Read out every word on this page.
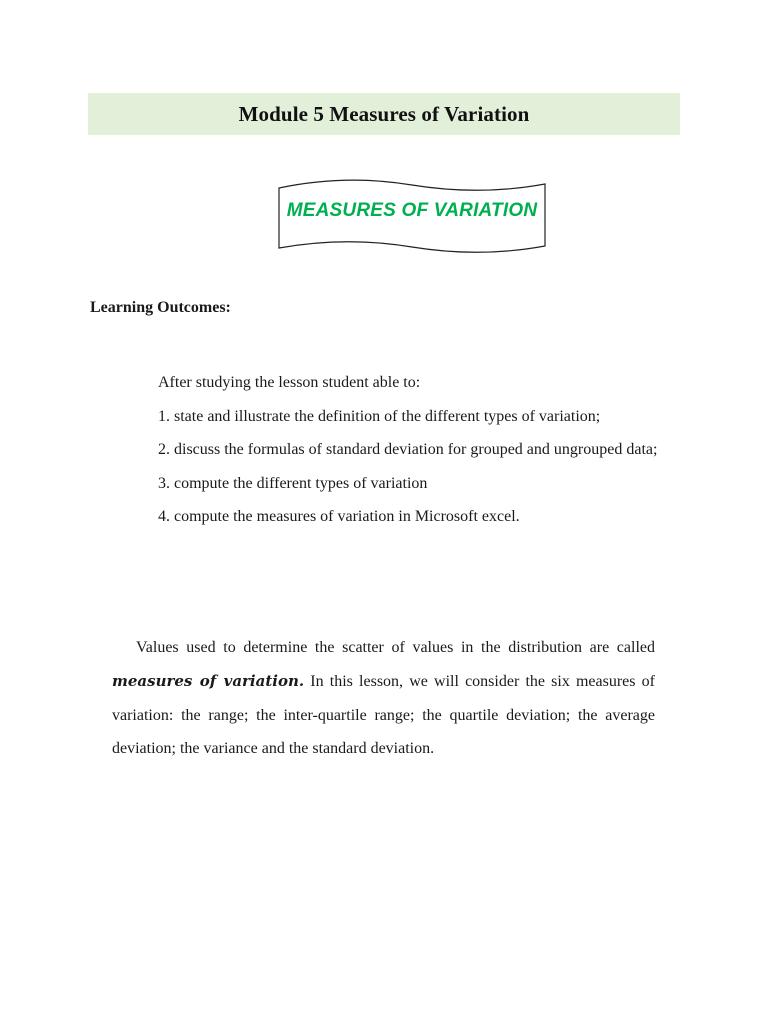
Module 5 Measures of Variation
MEASURES OF VARIATION

Learning Outcomes:

After studying the lesson student able to:

1. state and illustrate the definition of the different types of variation;

2. discuss the formulas of standard deviation for grouped and ungrouped data;

3. compute the different types of variation

4. compute the measures of variation in Microsoft excel.

Values used to determine the scatter of values in the distribution are called measures of variation. In this lesson, we will consider the six measures of variation: the range; the inter-quartile range; the quartile deviation; the average deviation; the variance and the standard deviation.
